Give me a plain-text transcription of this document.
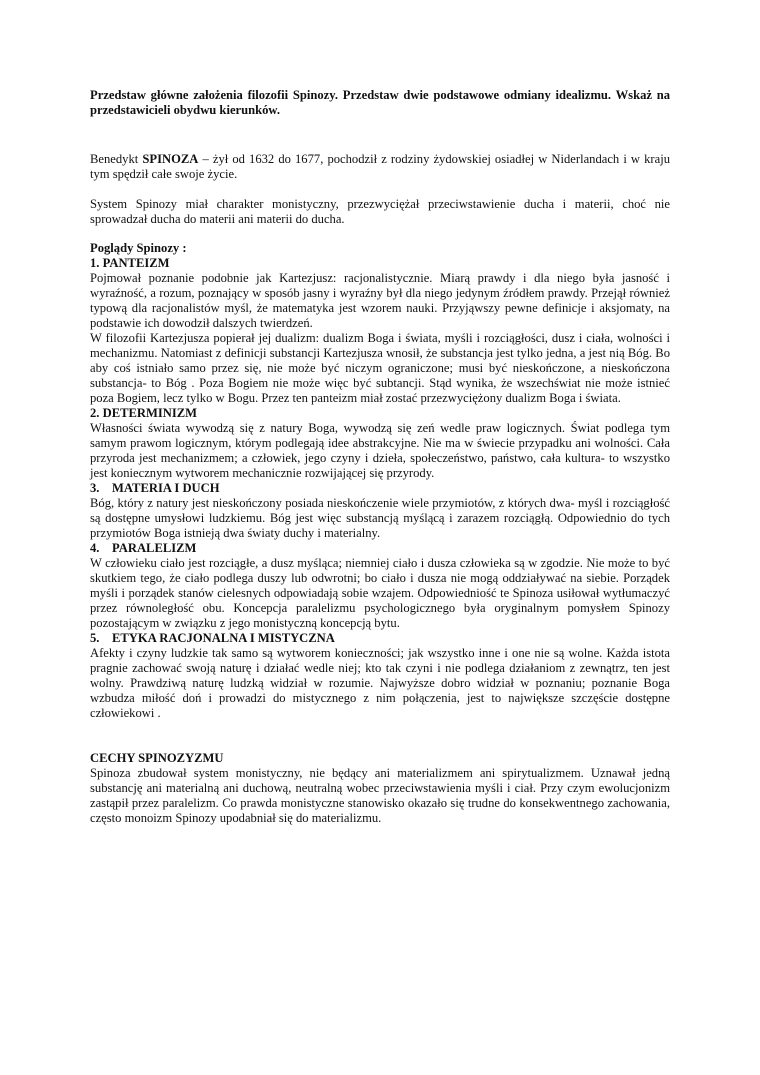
Przedstaw główne założenia filozofii Spinozy. Przedstaw dwie podstawowe odmiany idealizmu. Wskaż na przedstawicieli obydwu kierunków.

Benedykt SPINOZA – żył od 1632 do 1677, pochodził z rodziny żydowskiej osiadłej w Niderlandach i w kraju tym spędził całe swoje życie.

System Spinozy miał charakter monistyczny, przezwyciężał przeciwstawienie ducha i materii, choć nie sprowadzał ducha do materii ani materii do ducha.

Poglądy Spinozy :

1. PANTEIZM

Pojmował poznanie podobnie jak Kartezjusz: racjonalistycznie. Miarą prawdy i dla niego była jasność i wyraźność, a rozum, poznający w sposób jasny i wyraźny był dla niego jedynym źródłem prawdy. Przejął również typową dla racjonalistów myśl, że matematyka jest wzorem nauki. Przyjąwszy pewne definicje i aksjomaty, na podstawie ich dowodził dalszych twierdzeń.

W filozofii Kartezjusza popierał jej dualizm: dualizm Boga i świata, myśli i rozciągłości, dusz i ciała, wolności i mechanizmu. Natomiast z definicji substancji Kartezjusza wnosił, że substancja jest tylko jedna, a jest nią Bóg. Bo aby coś istniało samo przez się, nie może być niczym ograniczone; musi być nieskończone, a nieskończona substancja- to Bóg . Poza Bogiem nie może więc być subtancji. Stąd wynika, że wszechświat nie może istnieć poza Bogiem, lecz tylko w Bogu. Przez ten panteizm miał zostać przezwyciężony dualizm Boga i świata.

2. DETERMINIZM

Własności świata wywodzą się z natury Boga, wywodzą się zeń wedle praw logicznych. Świat podlega tym samym prawom logicznym, którym podlegają idee abstrakcyjne. Nie ma w świecie przypadku ani wolności. Cała przyroda jest mechanizmem; a człowiek, jego czyny i dzieła, społeczeństwo, państwo, cała kultura- to wszystko jest koniecznym wytworem mechanicznie rozwijającej się przyrody.

3. MATERIA I DUCH

Bóg, który z natury jest nieskończony posiada nieskończenie wiele przymiotów, z których dwa- myśl i rozciągłość są dostępne umysłowi ludzkiemu. Bóg jest więc substancją myślącą i zarazem rozciągłą. Odpowiednio do tych przymiotów Boga istnieją dwa światy duchy i materialny.

4. PARALELIZM

W człowieku ciało jest rozciągłe, a dusz myśląca; niemniej ciało i dusza człowieka są w zgodzie. Nie może to być skutkiem tego, że ciało podlega duszy lub odwrotni; bo ciało i dusza nie mogą oddziaływać na siebie. Porządek myśli i porządek stanów cielesnych odpowiadają sobie wzajem. Odpowiedniość te Spinoza usiłował wytłumaczyć przez równoległość obu. Koncepcja paralelizmu psychologicznego była oryginalnym pomysłem Spinozy pozostającym w związku z jego monistyczną koncepcją bytu.

5. ETYKA RACJONALNA I MISTYCZNA

Afekty i czyny ludzkie tak samo są wytworem konieczności; jak wszystko inne i one nie są wolne. Każda istota pragnie zachować swoją naturę i działać wedle niej; kto tak czyni i nie podlega działaniom z zewnątrz, ten jest wolny. Prawdziwą naturę ludzką widział w rozumie. Najwyższe dobro widział w poznaniu; poznanie Boga wzbudza miłość doń i prowadzi do mistycznego z nim połączenia, jest to największe szczęście dostępne człowiekowi .

CECHY SPINOZYZMU

Spinoza zbudował system monistyczny, nie będący ani materializmem ani spirytualizmem. Uznawał jedną substancję ani materialną ani duchową, neutralną wobec przeciwstawienia myśli i ciał. Przy czym ewolucjonizm zastąpił przez paralelizm. Co prawda monistyczne stanowisko okazało się trudne do konsekwentnego zachowania, często monoizm Spinozy upodabniał się do materializmu.
